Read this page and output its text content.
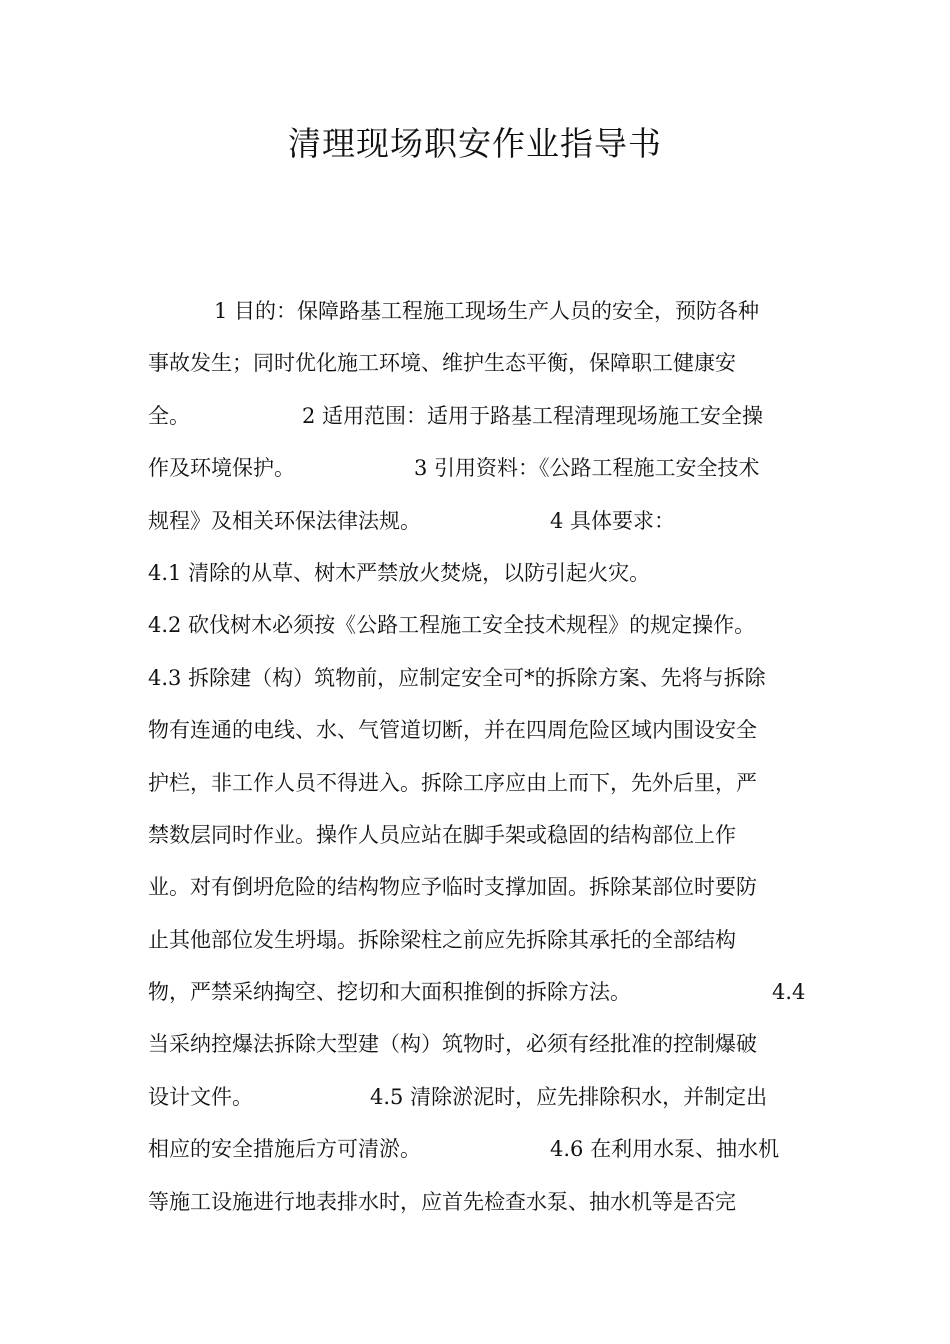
清理现场职安作业指导书
1 目的：保障路基工程施工现场生产人员的安全，预防各种
事故发生；同时优化施工环境、维护生态平衡，保障职工健康安
全。	2 适用范围：适用于路基工程清理现场施工安全操
作及环境保护。	3 引用资料：《公路工程施工安全技术
规程》及相关环保法律法规。	4 具体要求：
4.1 清除的从草、树木严禁放火焚烧，以防引起火灾。
4.2 砍伐树木必须按《公路工程施工安全技术规程》的规定操作。
4.3 拆除建（构）筑物前，应制定安全可*的拆除方案、先将与拆除
物有连通的电线、水、气管道切断，并在四周危险区域内围设安全
护栏，非工作人员不得进入。拆除工序应由上而下，先外后里，严
禁数层同时作业。操作人员应站在脚手架或稳固的结构部位上作
业。对有倒坍危险的结构物应予临时支撑加固。拆除某部位时要防
止其他部位发生坍塌。拆除梁柱之前应先拆除其承托的全部结构
物，严禁采纳掏空、挖切和大面积推倒的拆除方法。	4.4
当采纳控爆法拆除大型建（构）筑物时，必须有经批准的控制爆破
设计文件。	4.5 清除淤泥时，应先排除积水，并制定出
相应的安全措施后方可清淤。	4.6 在利用水泵、抽水机
等施工设施进行地表排水时，应首先检查水泵、抽水机等是否完
